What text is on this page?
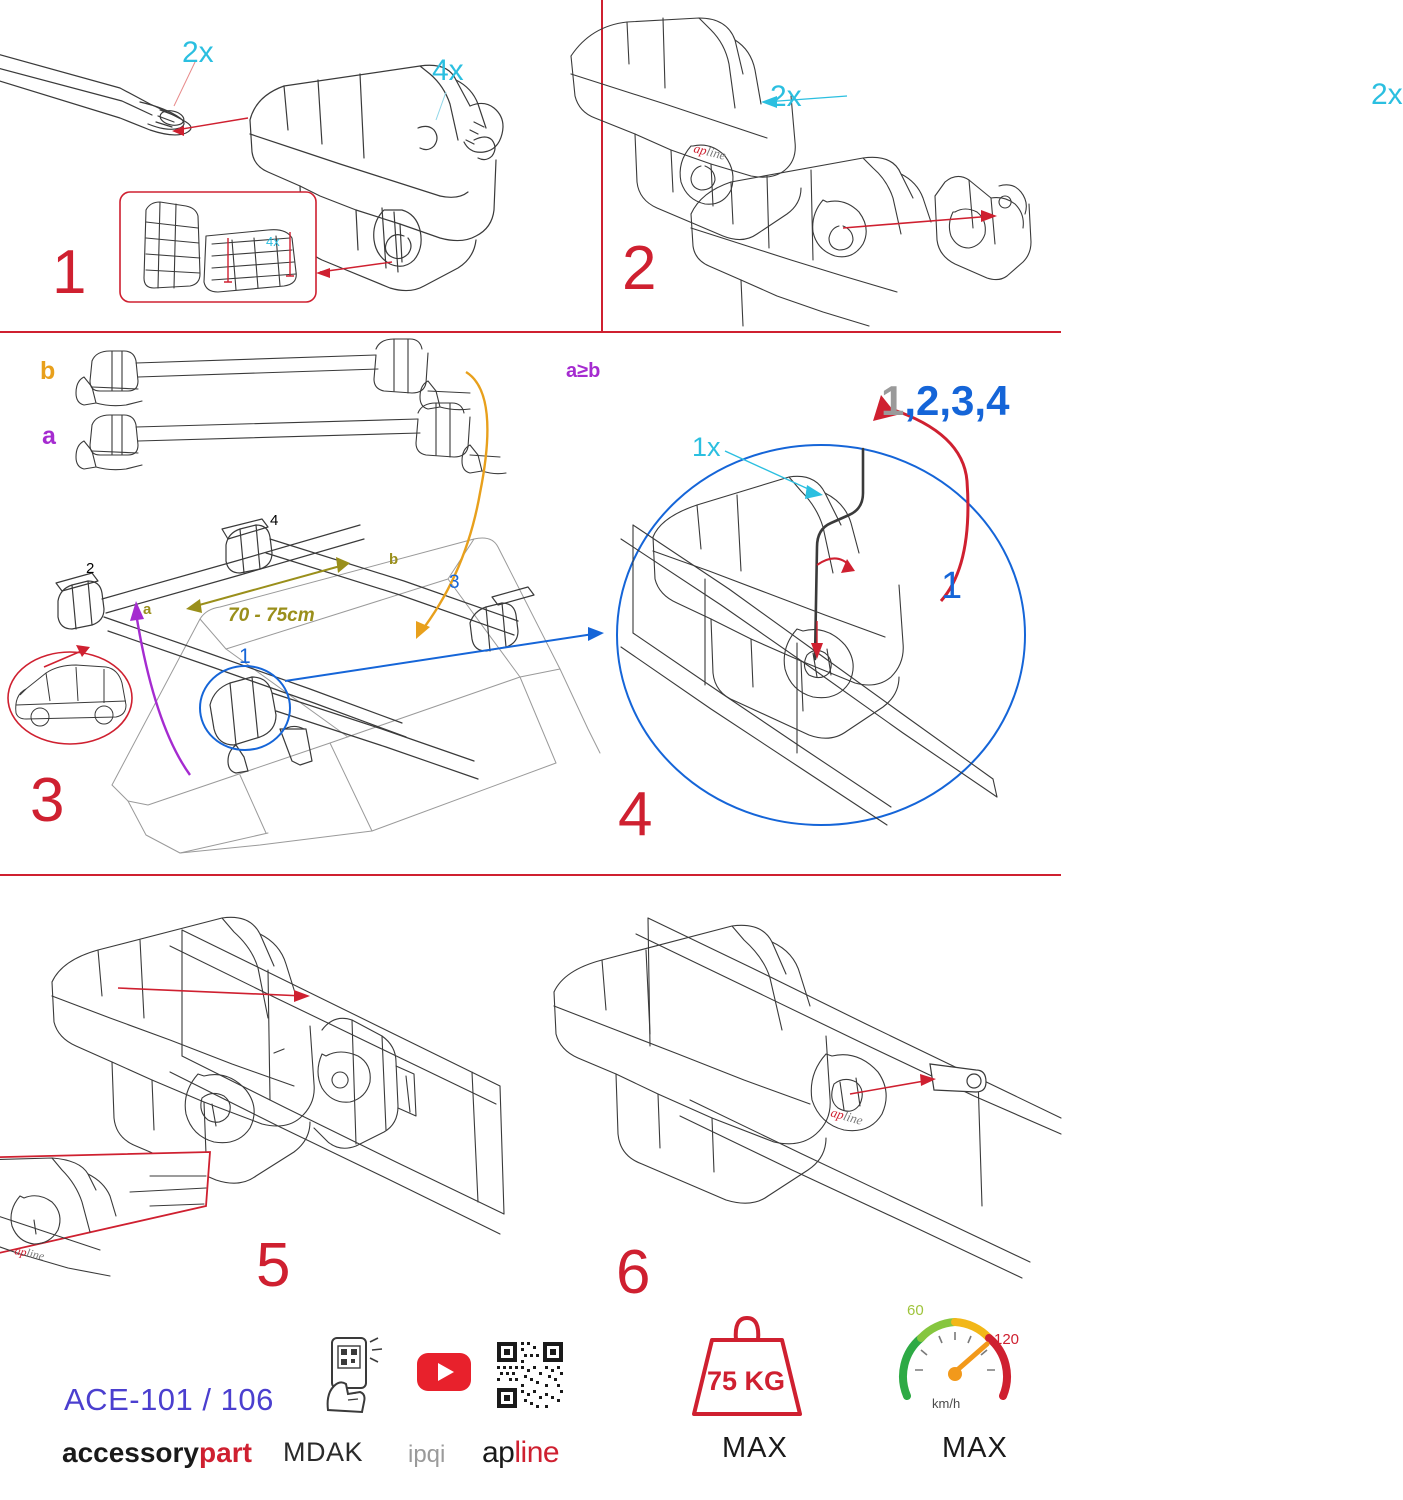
4x
2x
4x
1
apline
2x
2x
2
b
a
a≥b
70 - 75cm
1
2
3
4
a
b
3
1x
1
1,2,3,4
4
apline	5
apline
6
ACE-101 / 106
accessorypart MDAK ipqi apline
75 KG
MAX
60
120
km/h
MAX
